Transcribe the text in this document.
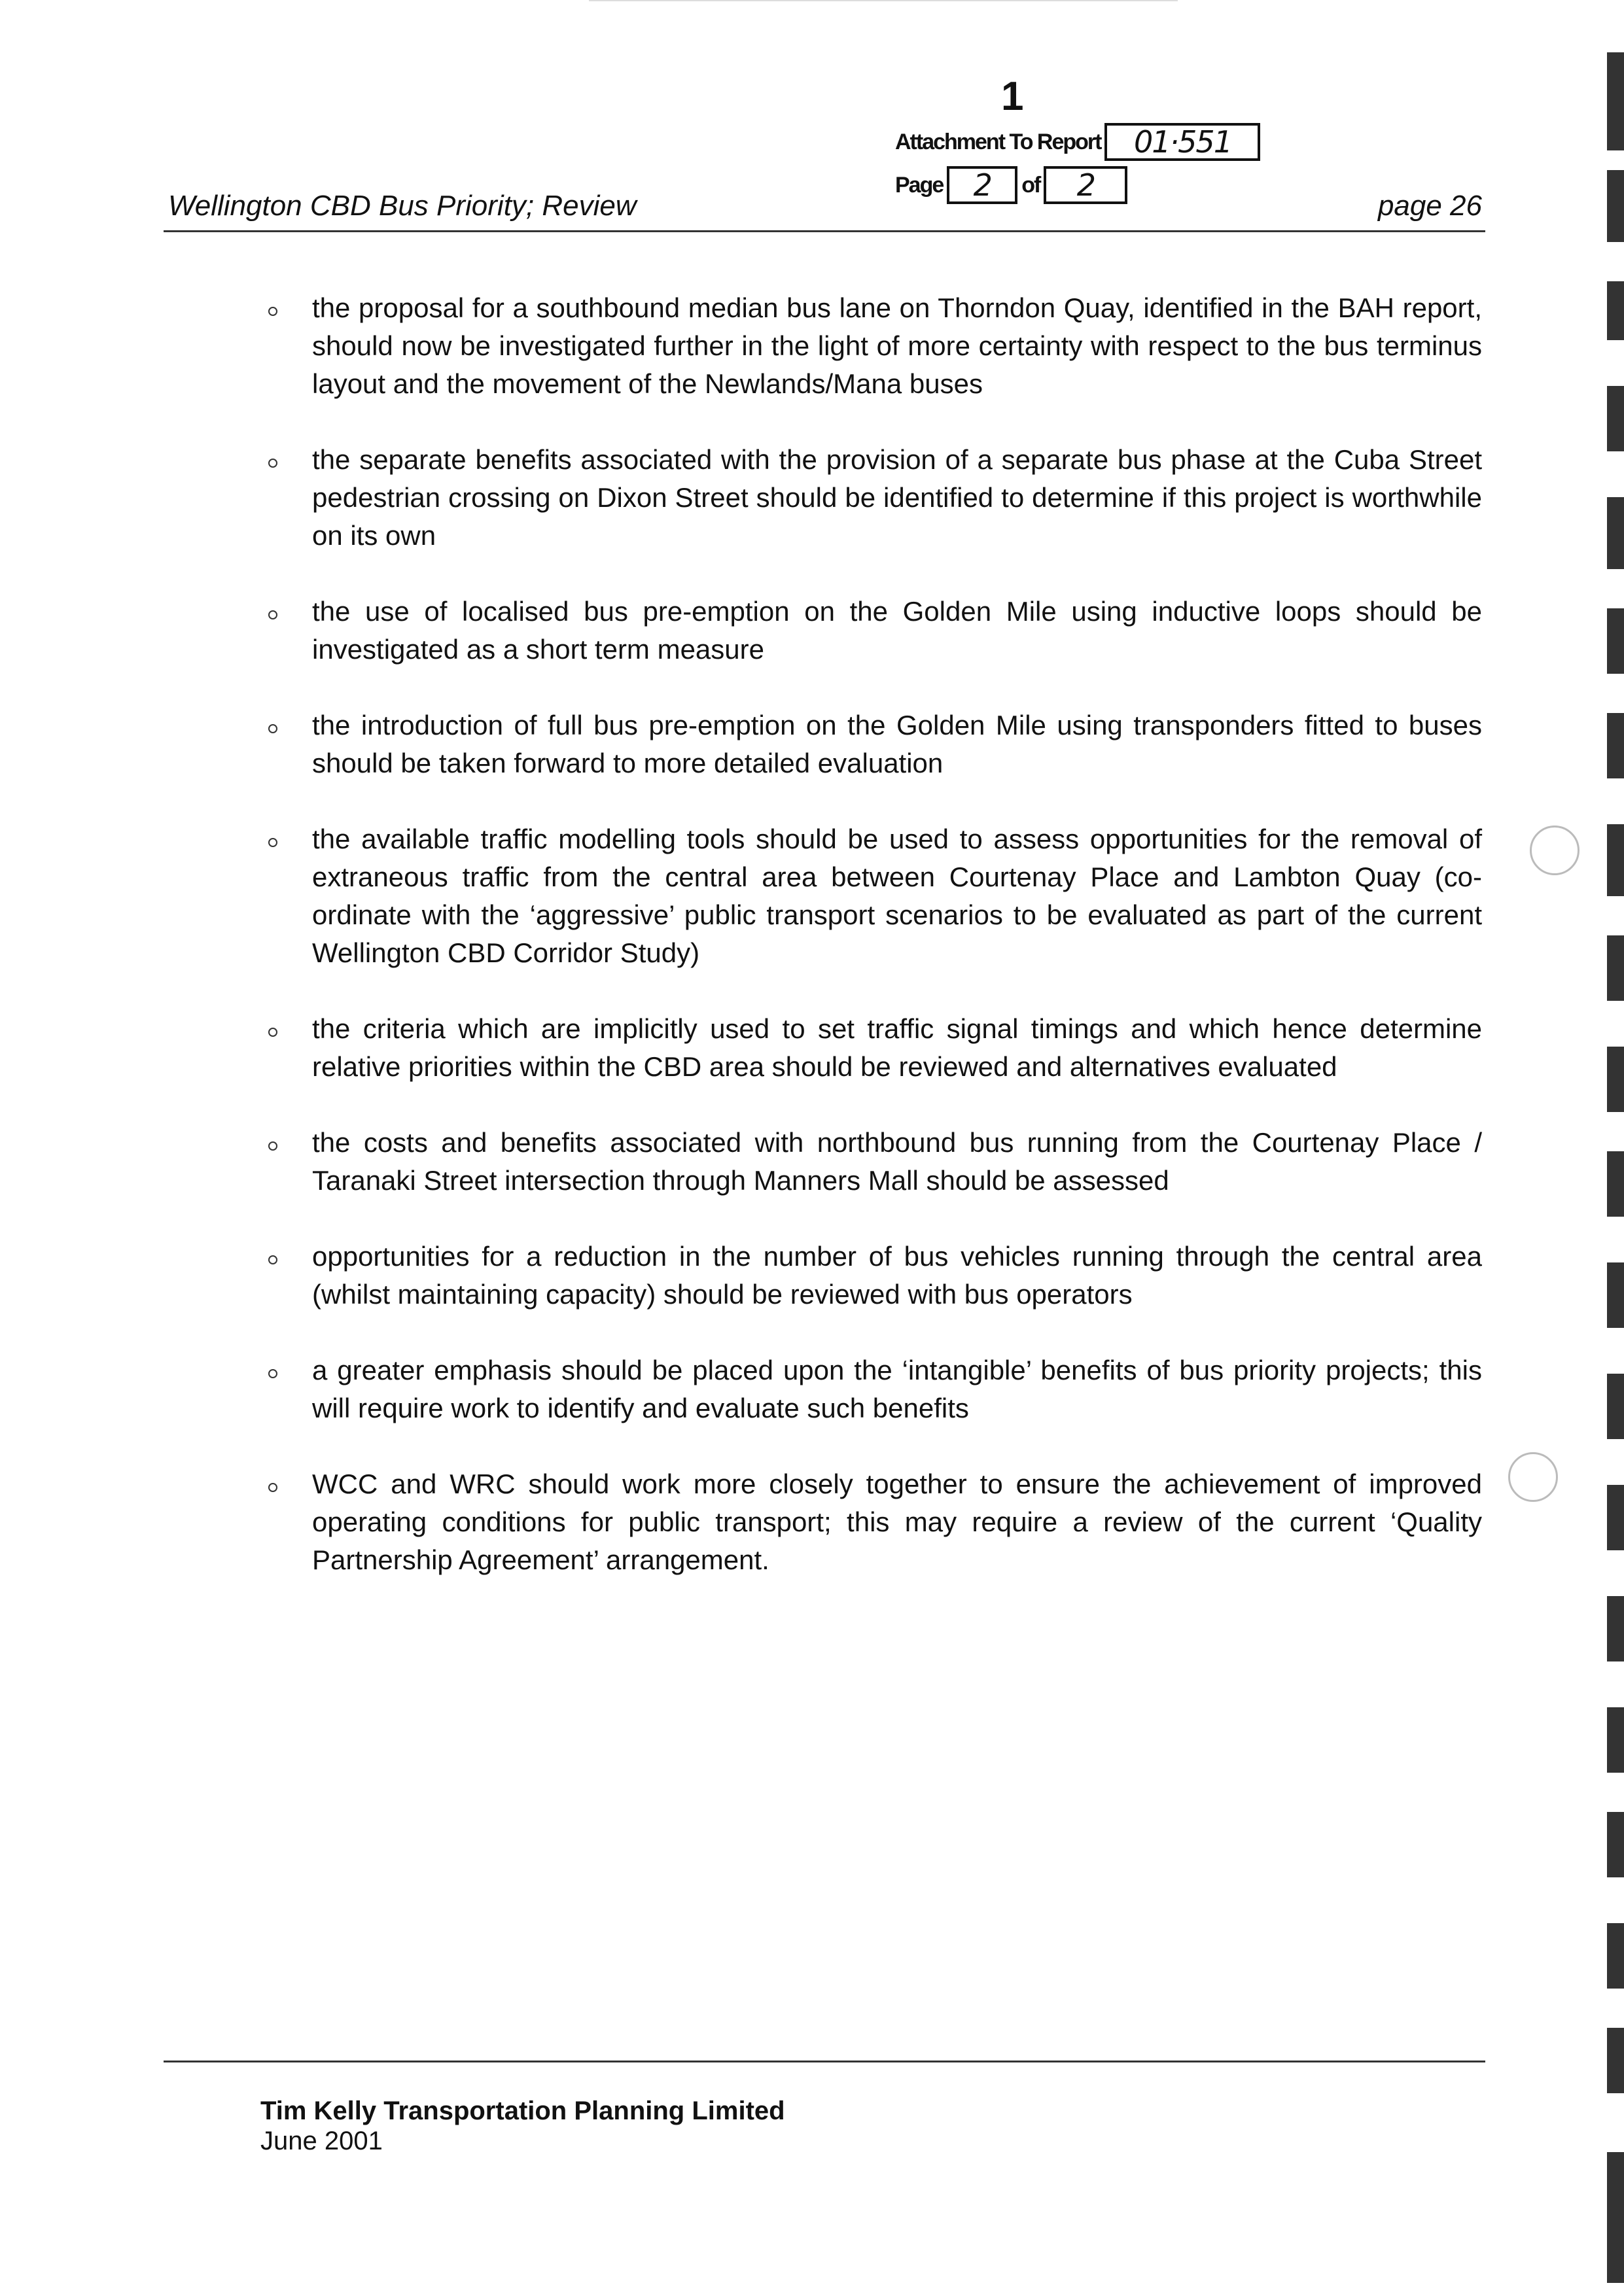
1
Attachment To Report	01·551
Page	2	of	2
Wellington CBD Bus Priority; Review	page 26
the proposal for a southbound median bus lane on Thorndon Quay, identified in the BAH report, should now be investigated further in the light of more certainty with respect to the bus terminus layout and the movement of the Newlands/Mana buses
the separate benefits associated with the provision of a separate bus phase at the Cuba Street pedestrian crossing on Dixon Street should be identified to determine if this project is worthwhile on its own
the use of localised bus pre-emption on the Golden Mile using inductive loops should be investigated as a short term measure
the introduction of full bus pre-emption on the Golden Mile using transponders fitted to buses should be taken forward to more detailed evaluation
the available traffic modelling tools should be used to assess opportunities for the removal of extraneous traffic from the central area between Courtenay Place and Lambton Quay (co-ordinate with the ‘aggressive’ public transport scenarios to be evaluated as part of the current Wellington CBD Corridor Study)
the criteria which are implicitly used to set traffic signal timings and which hence determine relative priorities within the CBD area should be reviewed and alternatives evaluated
the costs and benefits associated with northbound bus running from the Courtenay Place / Taranaki Street intersection through Manners Mall should be assessed
opportunities for a reduction in the number of bus vehicles running through the central area (whilst maintaining capacity) should be reviewed with bus operators
a greater emphasis should be placed upon the ‘intangible’ benefits of bus priority projects; this will require work to identify and evaluate such benefits
WCC and WRC should work more closely together to ensure the achievement of improved operating conditions for public transport; this may require a review of the current ‘Quality Partnership Agreement’ arrangement.
Tim Kelly Transportation Planning Limited
June 2001
